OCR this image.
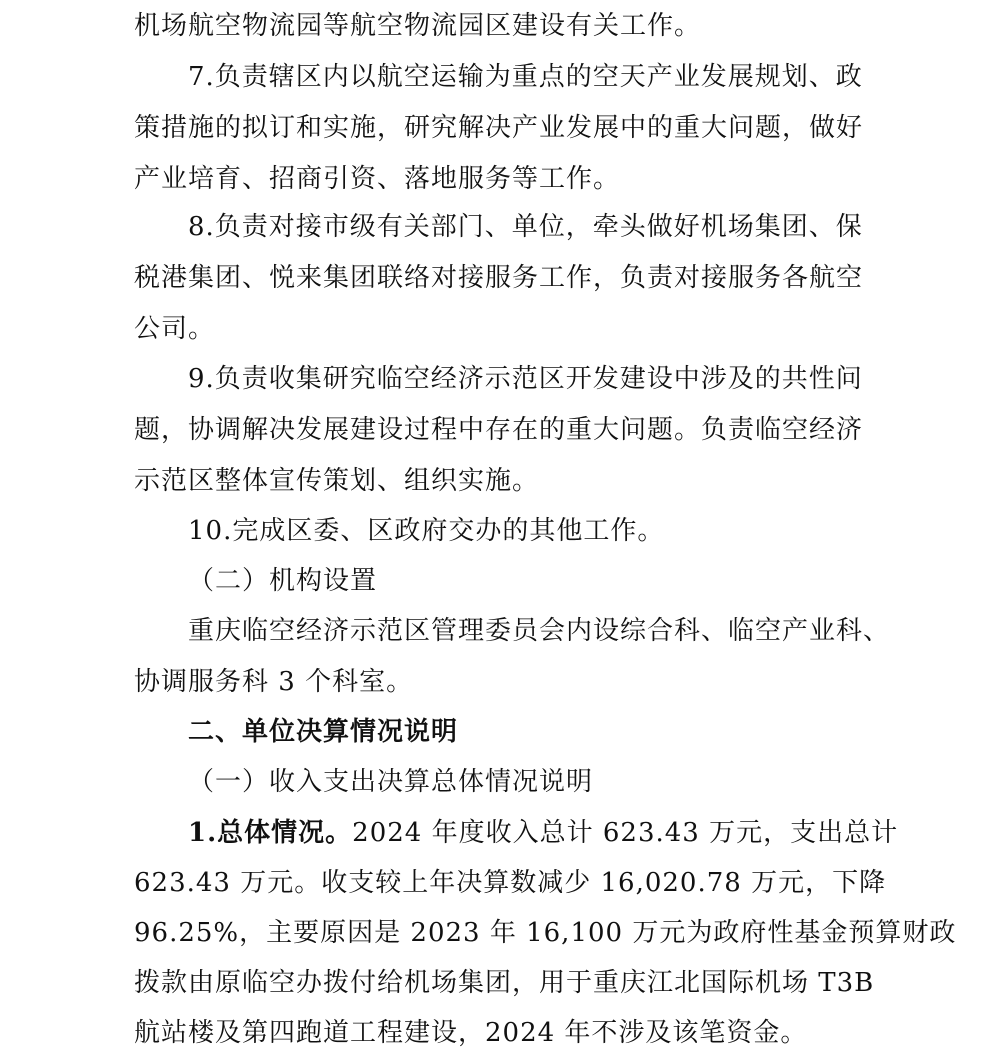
机场航空物流园等航空物流园区建设有关工作。
7.负责辖区内以航空运输为重点的空天产业发展规划、政
策措施的拟订和实施，研究解决产业发展中的重大问题，做好
产业培育、招商引资、落地服务等工作。
8.负责对接市级有关部门、单位，牵头做好机场集团、保
税港集团、悦来集团联络对接服务工作，负责对接服务各航空
公司。
9.负责收集研究临空经济示范区开发建设中涉及的共性问
题，协调解决发展建设过程中存在的重大问题。负责临空经济
示范区整体宣传策划、组织实施。
10.完成区委、区政府交办的其他工作。
（二）机构设置
重庆临空经济示范区管理委员会内设综合科、临空产业科、
协调服务科 3 个科室。
二、单位决算情况说明
（一）收入支出决算总体情况说明
1.总体情况。2024 年度收入总计 623.43 万元，支出总计
623.43 万元。收支较上年决算数减少 16,020.78 万元，下降
96.25%，主要原因是 2023 年 16,100 万元为政府性基金预算财政
拨款由原临空办拨付给机场集团，用于重庆江北国际机场 T3B
航站楼及第四跑道工程建设，2024 年不涉及该笔资金。
